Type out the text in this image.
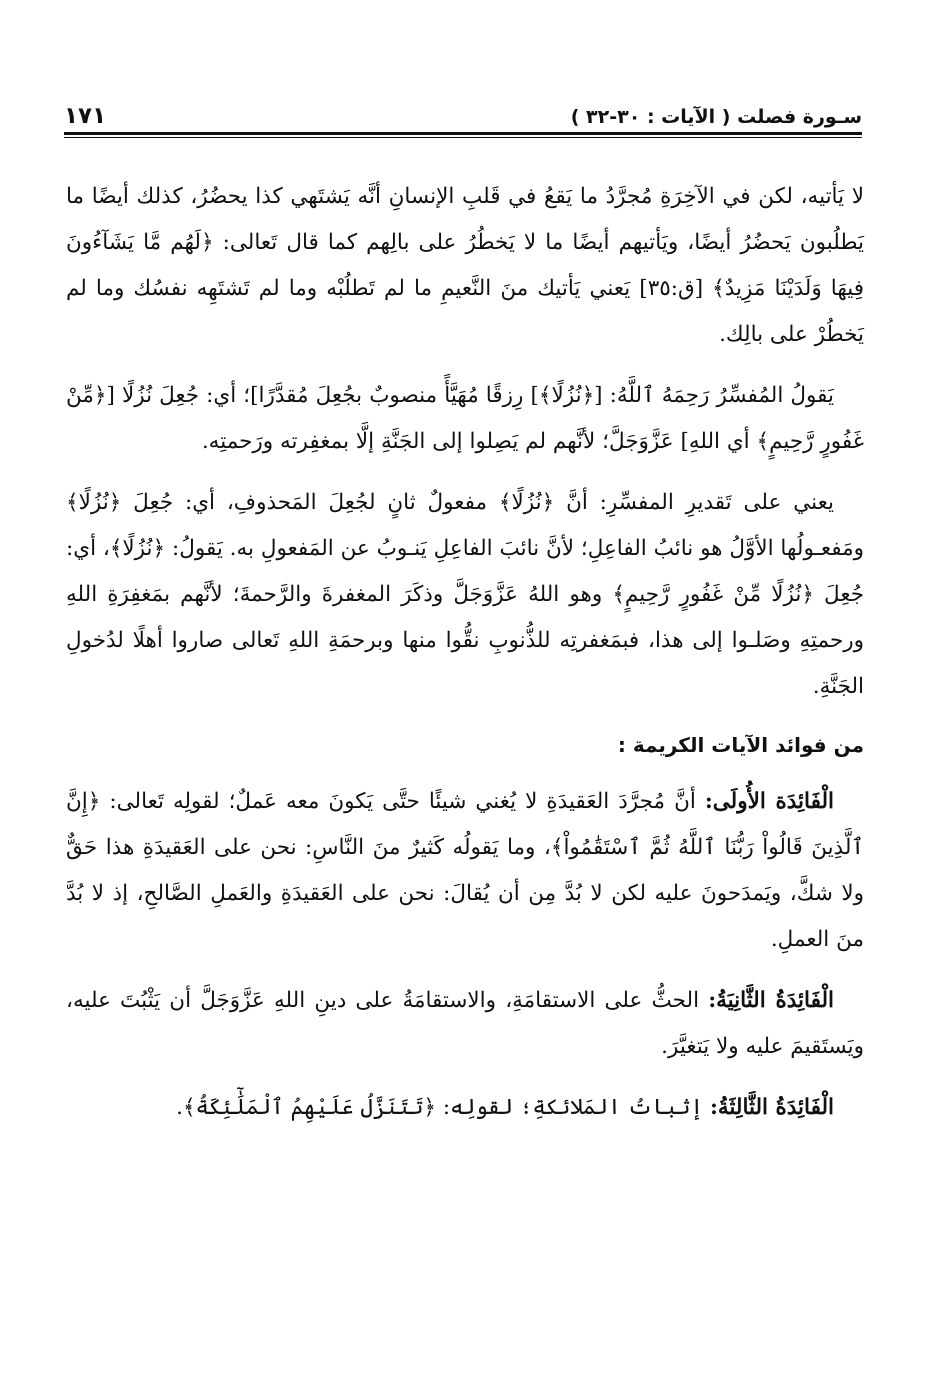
سـورة فصلت ( الآيات : ٣٠-٣٢ )
١٧١

لا يَأتيه، لكن في الآخِرَةِ مُجرَّدُ ما يَقعُ في قَلبِ الإنسانِ أنَّه يَشتَهي كذا يحضُرُ، كذلك أيضًا ما يَطلُبون يَحضُرُ أيضًا، ويَأتيهم أيضًا ما لا يَخطُرُ على بالِهم كما قال تَعالى: ﴿لَهُم مَّا يَشَآءُونَ فِيهَا وَلَدَيْنَا مَزِيدٌ﴾ [ق:٣٥] يَعني يَأتيك منَ النَّعيمِ ما لم تَطلُبْه وما لم تَشتَهِه نفسُك وما لم يَخطُرْ على بالِك.

يَقولُ المُفسِّرُ رَحِمَهُ ٱللَّهُ: [﴿نُزُلًا﴾] رِزقًا مُهَيَّأً منصوبٌ بجُعِلَ مُقدَّرًا]؛ أي: جُعِلَ نُزُلًا [﴿مِّنْ غَفُورٍ رَّحِيمٍ﴾ أي اللهِ] عَزَّوَجَلَّ؛ لأنَّهم لم يَصِلوا إلى الجَنَّةِ إلَّا بمغفِرته ورَحمتِه.

يعني على تَقديرِ المفسِّرِ: أنَّ ﴿نُزُلًا﴾ مفعولٌ ثانٍ لجُعِلَ المَحذوفِ، أي: جُعِلَ ﴿نُزُلًا﴾ ومَفعـولُها الأوَّلُ هو نائبُ الفاعِلِ؛ لأنَّ نائبَ الفاعِلِ يَنـوبُ عن المَفعولِ به. يَقولُ: ﴿نُزُلًا﴾، أي: جُعِلَ ﴿نُزُلًا مِّنْ غَفُورٍ رَّحِيمٍ﴾ وهو اللهُ عَزَّوَجَلَّ وذكَرَ المغفرةَ والرَّحمةَ؛ لأنَّهم بمَغفِرَةِ اللهِ ورحمتِهِ وصَلـوا إلى هذا، فبمَغفرتِه للذُّنوبِ نقُّوا منها وبرحمَةِ اللهِ تَعالى صاروا أهلًا لدُخولِ الجَنَّةِ.

من فوائد الآيات الكريمة :

الْفَائِدَة الأُولَى: أنَّ مُجرَّدَ العَقيدَةِ لا يُغني شيئًا حتَّى يَكونَ معه عَملٌ؛ لقولِه تَعالى: ﴿إِنَّ ٱلَّذِينَ قَالُواْ رَبُّنَا ٱللَّهُ ثُمَّ ٱسْتَقَٰمُواْ﴾، وما يَقولُه كَثيرٌ منَ النَّاسِ: نحن على العَقيدَةِ هذا حَقٌّ ولا شكَّ، ويَمدَحونَ عليه لكن لا بُدَّ مِن أن يُقالَ: نحن على العَقيدَةِ والعَملِ الصَّالحِ، إذ لا بُدَّ منَ العملِ.

الْفَائِدَةُ الثَّانِيَةُ: الحثُّ على الاستقامَةِ، والاستقامَةُ على دينِ اللهِ عَزَّوَجَلَّ أن يَثْبُتَ عليه، ويَستَقيمَ عليه ولا يَتغيَّرَ.

الْفَائِدَةُ الثَّالِثَةُ: إثباتُ المَلائكةِ؛ لقولِه: ﴿تَتَنَزَّلُ عَلَيْهِمُ ٱلْمَلَٰٓئِكَةُ﴾.
